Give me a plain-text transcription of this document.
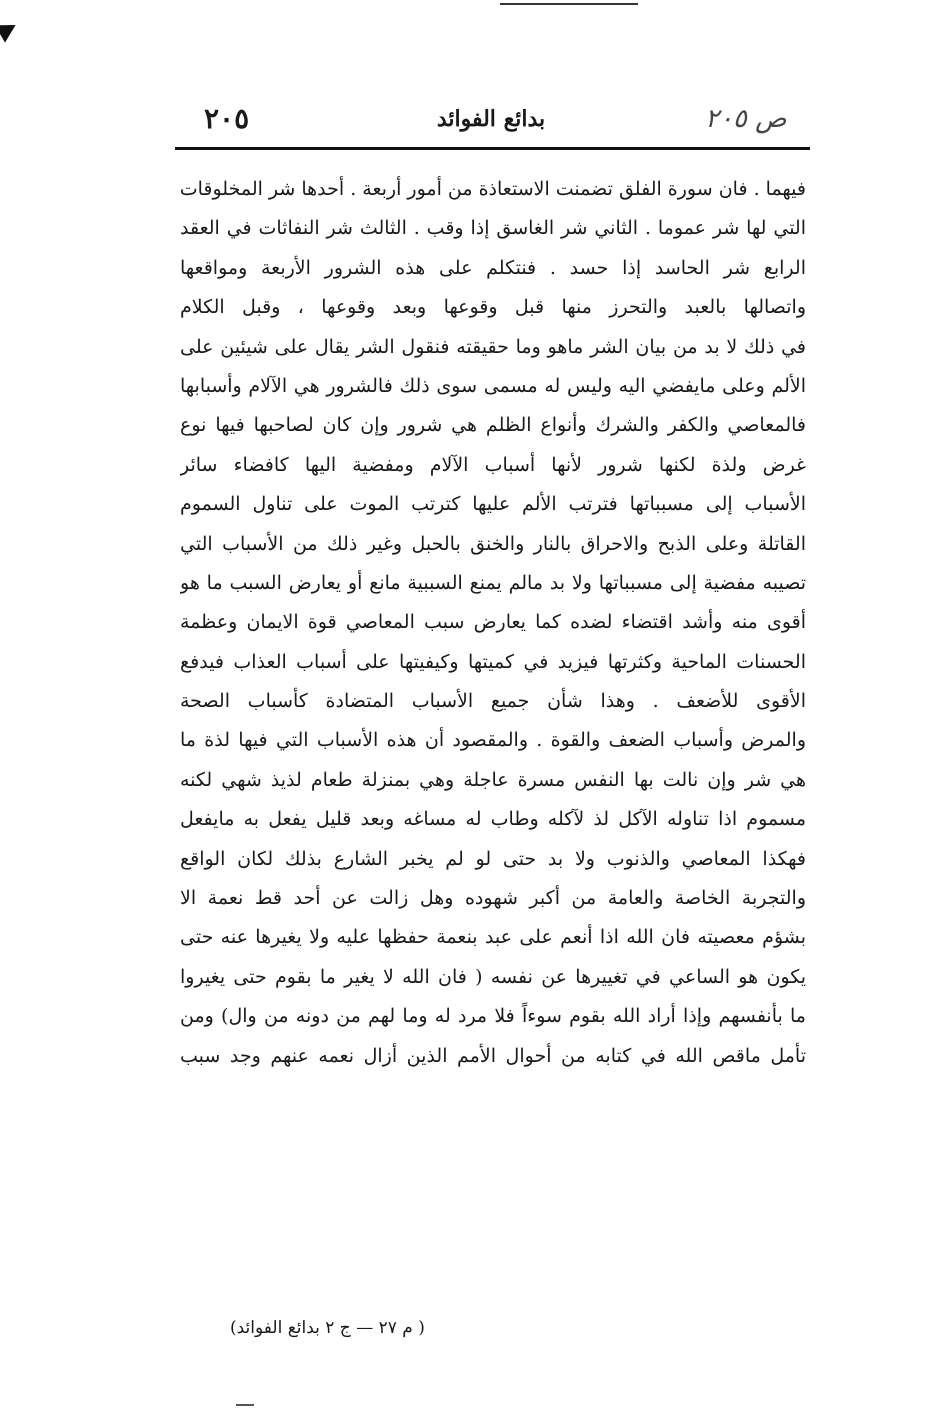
٢٠٥	بدائع الفوائد	ص ٢٠٥
فيهما . فان سورة الفلق تضمنت الاستعاذة من أمور أربعة . أحدها شر المخلوقات
التي لها شر عموما . الثاني شر الغاسق إذا وقب . الثالث شر النفاثات في العقد
الرابع شر الحاسد إذا حسد . فنتكلم على هذه الشرور الأربعة ومواقعها
واتصالها بالعبد والتحرز منها قبل وقوعها وبعد وقوعها ، وقبل الكلام
في ذلك لا بد من بيان الشر ماهو وما حقيقته فنقول الشر يقال على شيئين على
الألم وعلى مايفضي اليه وليس له مسمى سوى ذلك فالشرور هي الآلام وأسبابها
فالمعاصي والكفر والشرك وأنواع الظلم هي شرور وإن كان لصاحبها فيها نوع
غرض ولذة لكنها شرور لأنها أسباب الآلام ومفضية اليها كافضاء سائر
الأسباب إلى مسبباتها فترتب الألم عليها كترتب الموت على تناول السموم
القاتلة وعلى الذبح والاحراق بالنار والخنق بالحبل وغير ذلك من الأسباب التي
تصيبه مفضية إلى مسبباتها ولا بد مالم يمنع السببية مانع أو يعارض السبب ما هو
أقوى منه وأشد اقتضاء لضده كما يعارض سبب المعاصي قوة الايمان وعظمة
الحسنات الماحية وكثرتها فيزيد في كميتها وكيفيتها على أسباب العذاب فيدفع
الأقوى للأضعف . وهذا شأن جميع الأسباب المتضادة كأسباب الصحة
والمرض وأسباب الضعف والقوة . والمقصود أن هذه الأسباب التي فيها لذة ما
هي شر وإن نالت بها النفس مسرة عاجلة وهي بمنزلة طعام لذيذ شهي لكنه
مسموم اذا تناوله الآكل لذ لآكله وطاب له مساغه وبعد قليل يفعل به مايفعل
فهكذا المعاصي والذنوب ولا بد حتى لو لم يخبر الشارع بذلك لكان الواقع
والتجربة الخاصة والعامة من أكبر شهوده وهل زالت عن أحد قط نعمة الا
بشؤم معصيته فان الله اذا أنعم على عبد بنعمة حفظها عليه ولا يغيرها عنه حتى
يكون هو الساعي في تغييرها عن نفسه ( فان الله لا يغير ما بقوم حتى يغيروا
ما بأنفسهم وإذا أراد الله بقوم سوءاً فلا مرد له وما لهم من دونه من وال) ومن
تأمل ماقص الله في كتابه من أحوال الأمم الذين أزال نعمه عنهم وجد سبب
( م ٢٧ — ج ٢ بدائع الفوائد)
